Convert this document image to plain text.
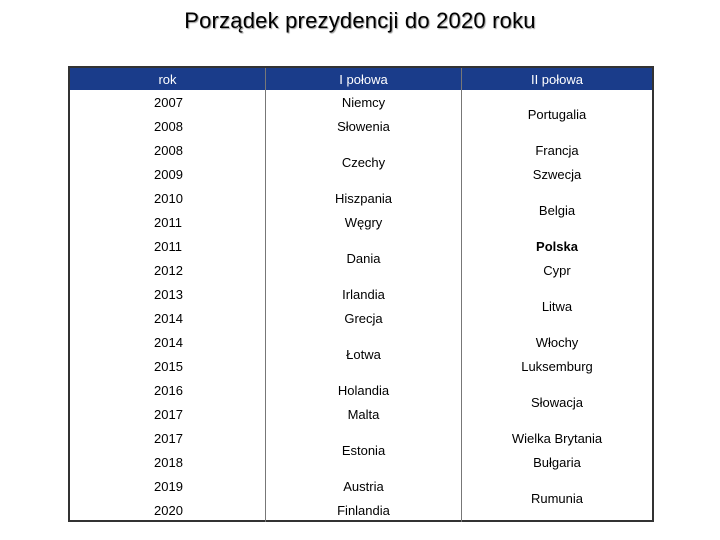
Porządek prezydencji do 2020 roku
rok	I połowa	II połowa
2007
2008
2008
2009
2010
2011
2011
2012
2013
2014
2014
2015
2016
2017
2017
2018
2019
2020
Niemcy
Słowenia
Czechy
Hiszpania
Węgry
Dania
Irlandia
Grecja
Łotwa
Holandia
Malta
Estonia
Austria
Finlandia
Portugalia
Francja
Szwecja
Belgia
Polska
Cypr
Litwa
Włochy
Luksemburg
Słowacja
Wielka Brytania
Bułgaria
Rumunia
